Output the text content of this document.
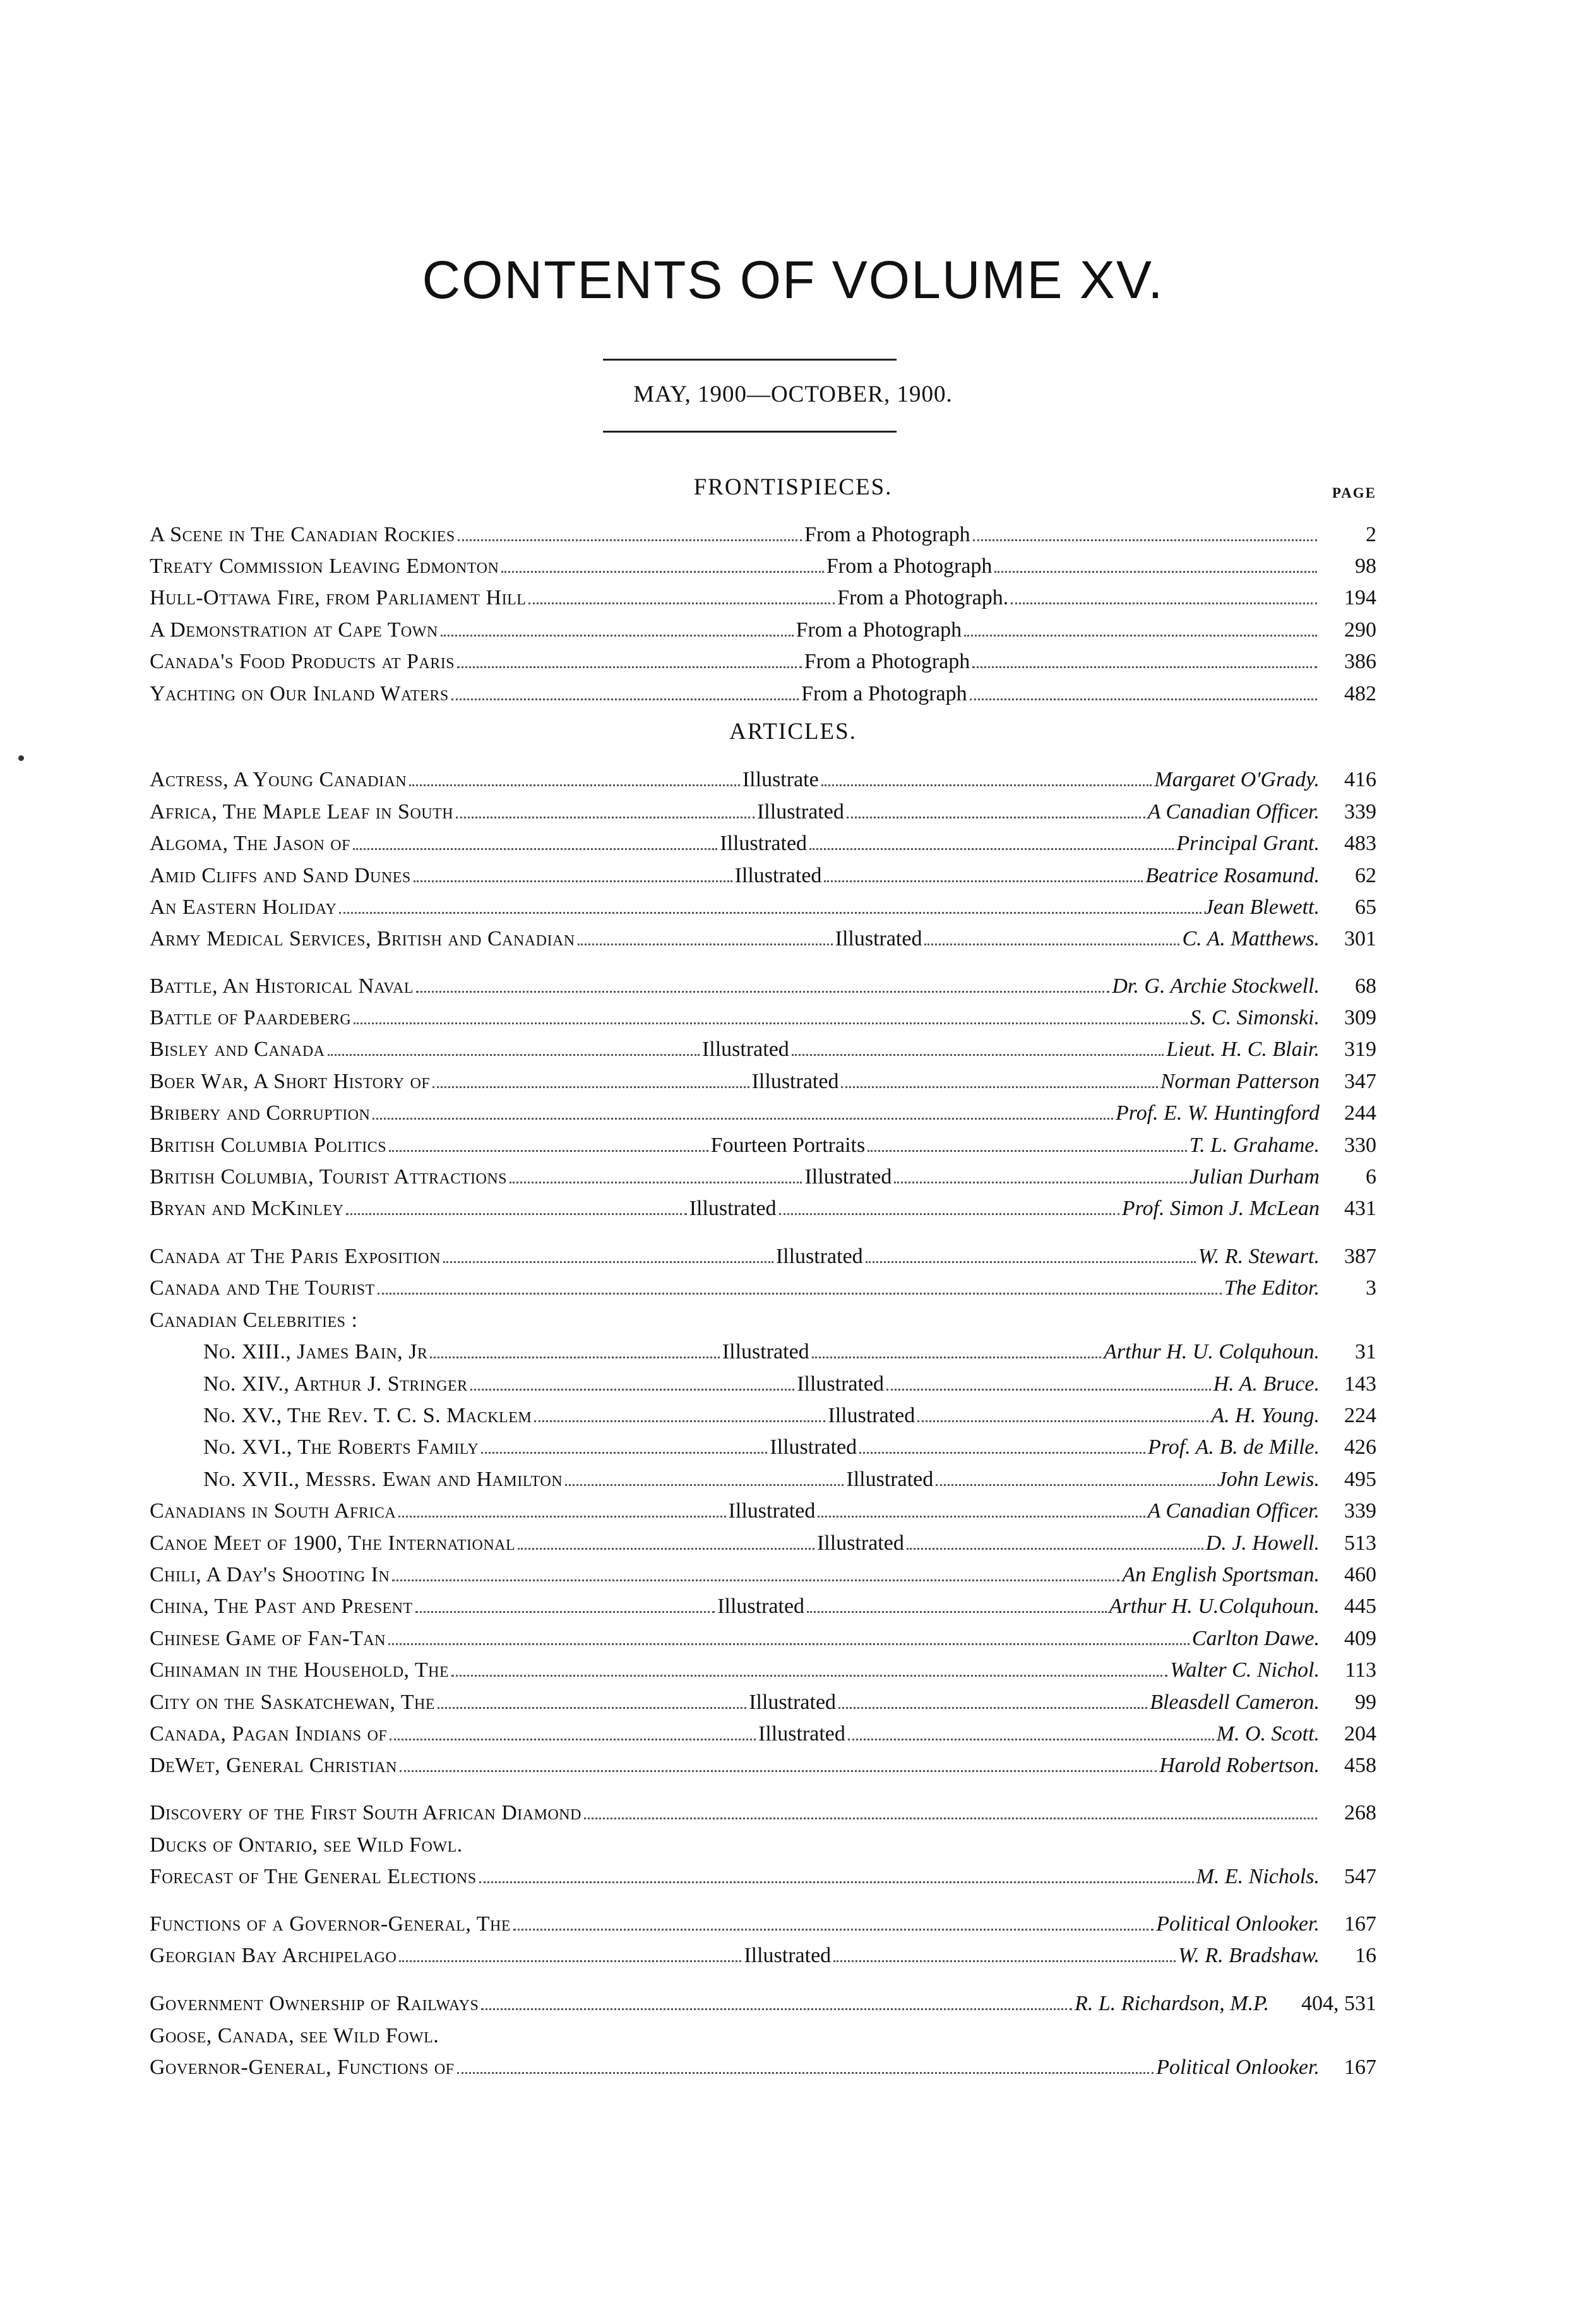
CONTENTS OF VOLUME XV.
MAY, 1900—OCTOBER, 1900.
FRONTISPIECES.	PAGE
ARTICLES.
A Scene in The Canadian Rockies	From a Photograph	2
Treaty Commission Leaving Edmonton	From a Photograph	98
Hull-Ottawa Fire, from Parliament Hill	From a Photograph.	194
A Demonstration at Cape Town	From a Photograph	290
Canada's Food Products at Paris	From a Photograph	386
Yachting on Our Inland Waters	From a Photograph	482
Actress, A Young Canadian	Illustrate	Margaret O'Grady.	416
Africa, The Maple Leaf in South	Illustrated	A Canadian Officer.	339
Algoma, The Jason of	Illustrated	Principal Grant.	483
Amid Cliffs and Sand Dunes	Illustrated	Beatrice Rosamund.	62
An Eastern Holiday	Jean Blewett.	65
Army Medical Services, British and Canadian	Illustrated	C. A. Matthews.	301
Battle, An Historical Naval	Dr. G. Archie Stockwell.	68
Battle of Paardeberg	S. C. Simonski.	309
Bisley and Canada	Illustrated	Lieut. H. C. Blair.	319
Boer War, A Short History of	Illustrated	Norman Patterson	347
Bribery and Corruption	Prof. E. W. Huntingford	244
British Columbia Politics	Fourteen Portraits	T. L. Grahame.	330
British Columbia, Tourist Attractions	Illustrated	Julian Durham	6
Bryan and McKinley	Illustrated	Prof. Simon J. McLean	431
Canada at The Paris Exposition	Illustrated	W. R. Stewart.	387
Canada and The Tourist	The Editor.	3
Canadian Celebrities :
No. XIII., James Bain, Jr	Illustrated	Arthur H. U. Colquhoun.	31
No. XIV., Arthur J. Stringer	Illustrated	H. A. Bruce.	143
No. XV., The Rev. T. C. S. Macklem	Illustrated	A. H. Young.	224
No. XVI., The Roberts Family	Illustrated	Prof. A. B. de Mille.	426
No. XVII., Messrs. Ewan and Hamilton	Illustrated	John Lewis.	495
Canadians in South Africa	Illustrated	A Canadian Officer.	339
Canoe Meet of 1900, The International	Illustrated	D. J. Howell.	513
Chili, A Day's Shooting In	An English Sportsman.	460
China, The Past and Present	Illustrated	Arthur H. U.Colquhoun.	445
Chinese Game of Fan-Tan	Carlton Dawe.	409
Chinaman in the Household, The	Walter C. Nichol.	113
City on the Saskatchewan, The	Illustrated	Bleasdell Cameron.	99
Canada, Pagan Indians of	Illustrated	M. O. Scott.	204
DeWet, General Christian	Harold Robertson.	458
Discovery of the First South African Diamond	268
Ducks of Ontario, see Wild Fowl.
Forecast of The General Elections	M. E. Nichols.	547
Functions of a Governor-General, The	Political Onlooker.	167
Georgian Bay Archipelago	Illustrated	W. R. Bradshaw.	16
Government Ownership of Railways	R. L. Richardson, M.P.	404, 531
Goose, Canada, see Wild Fowl.
Governor-General, Functions of	Political Onlooker.	167
